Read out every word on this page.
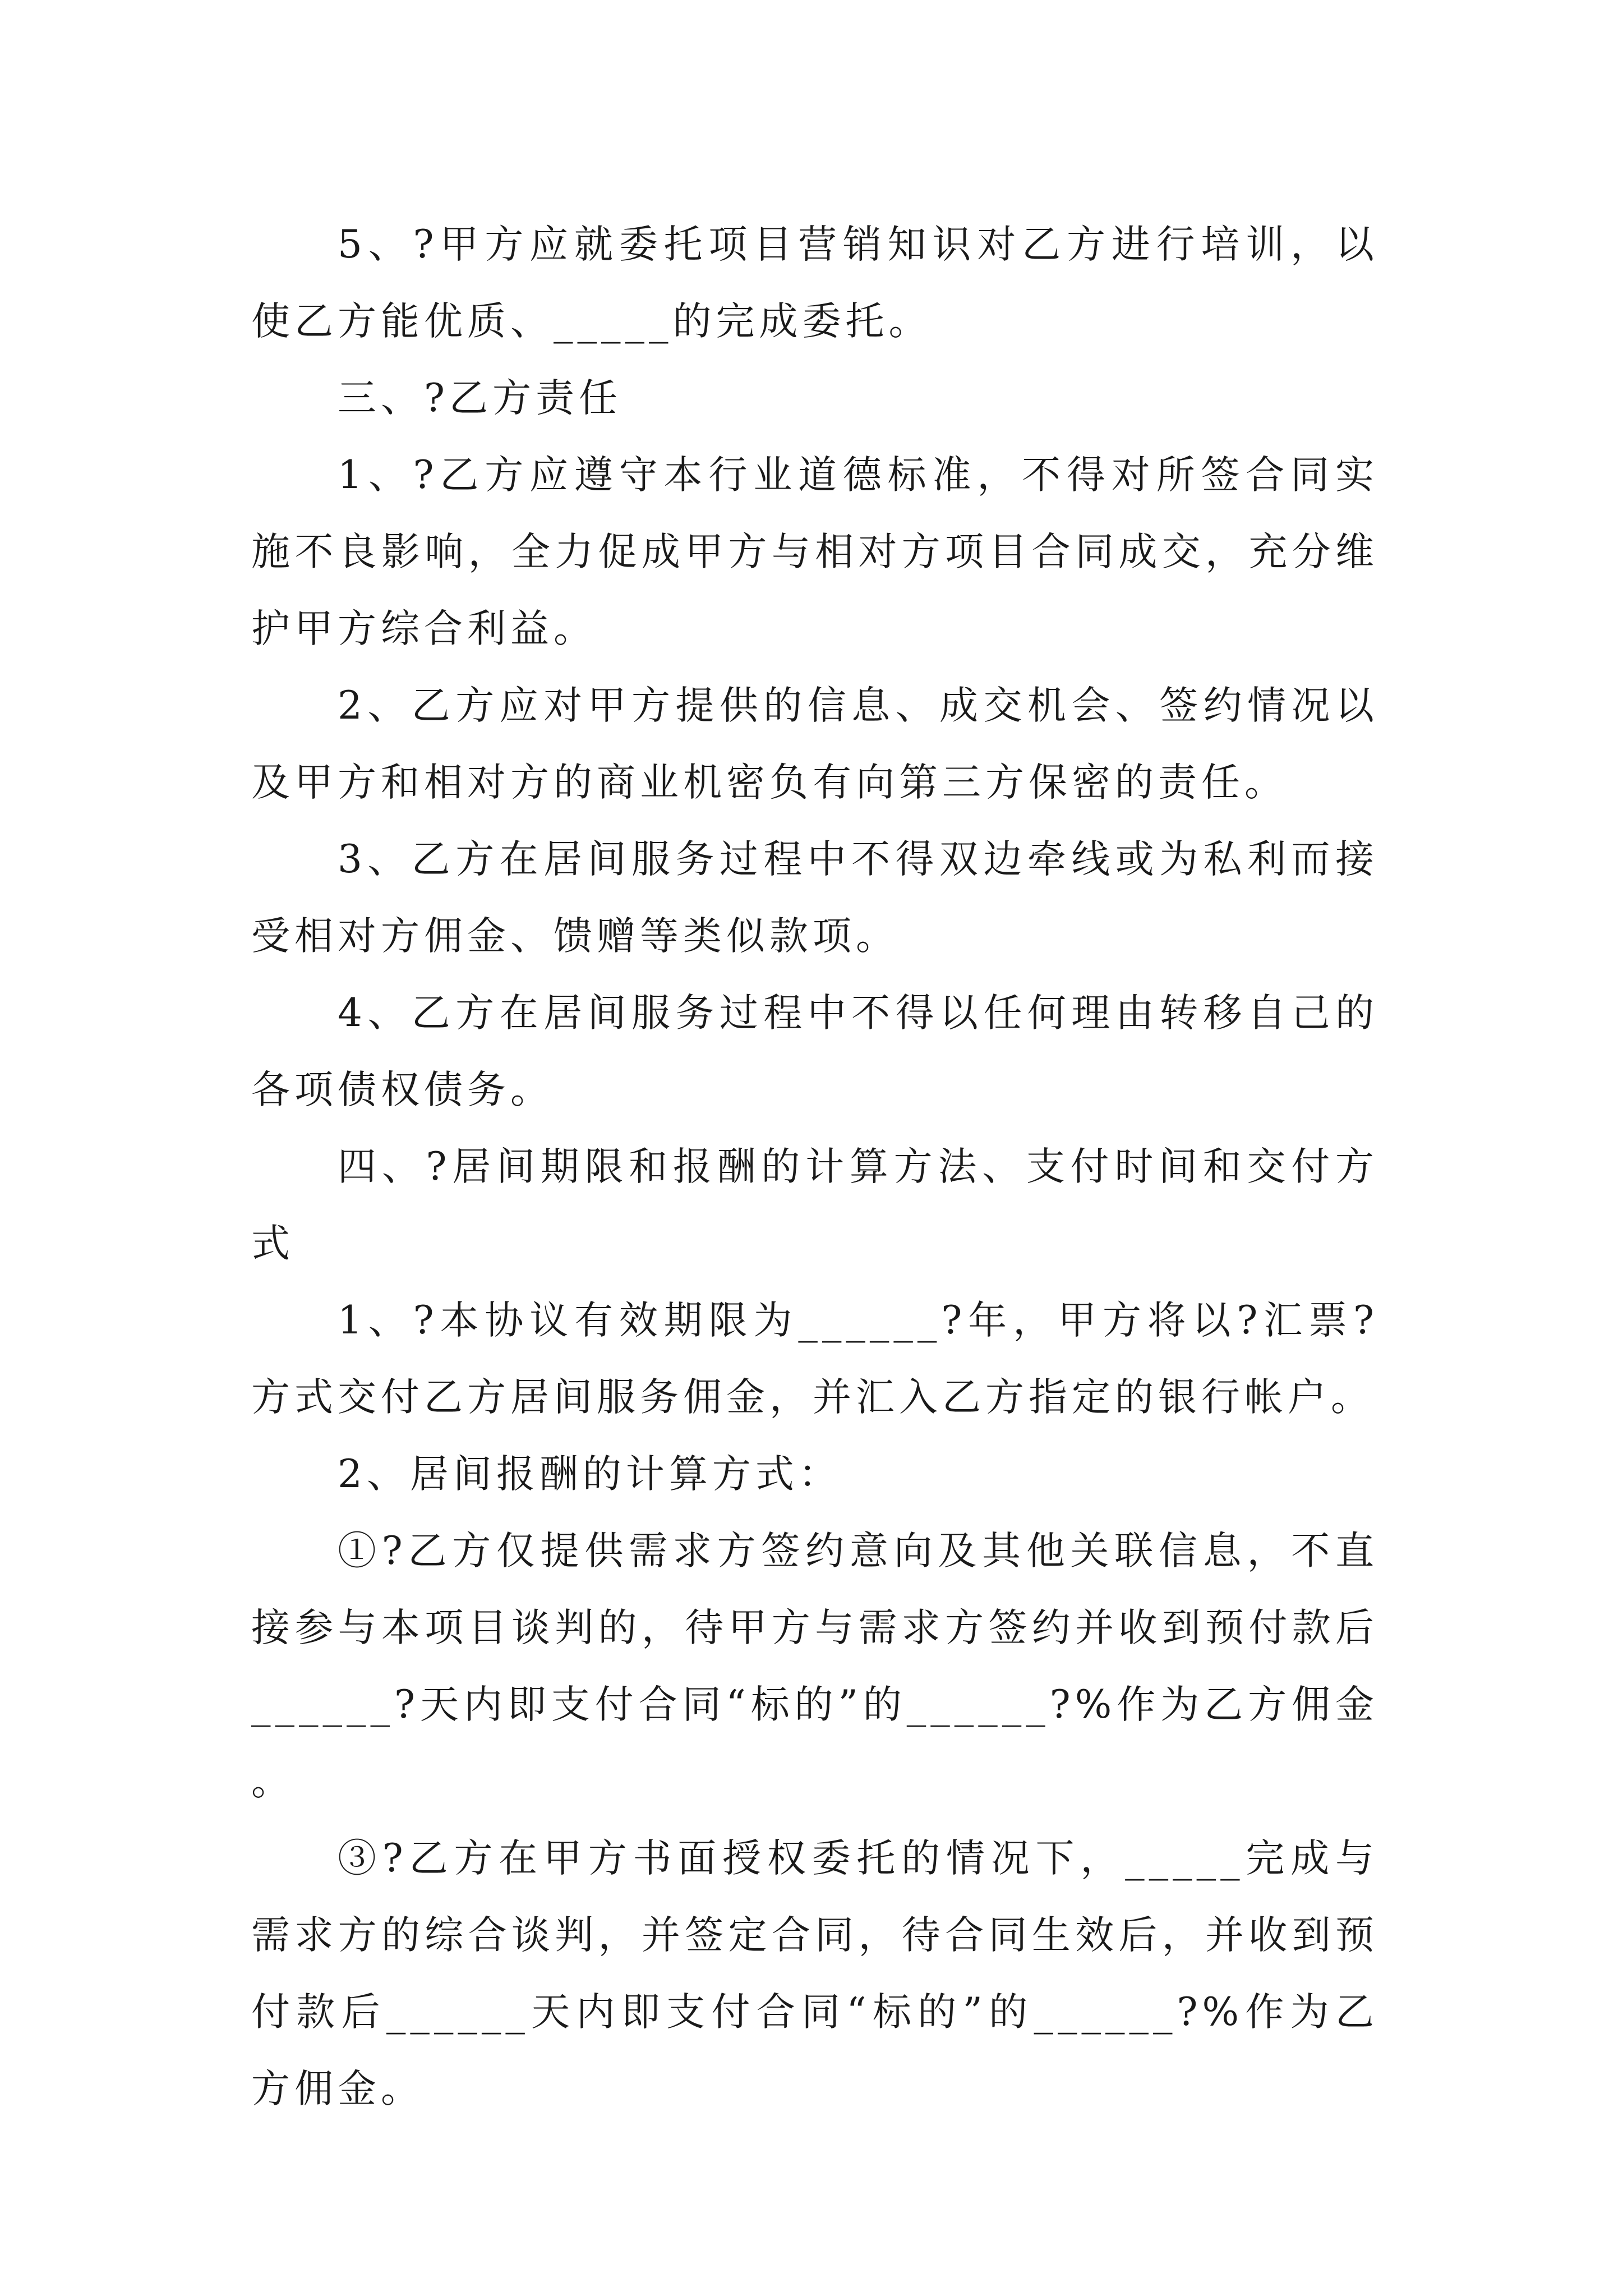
5、?甲方应就委托项目营销知识对乙方进行培训，以使乙方能优质、_____的完成委托。

三、?乙方责任

1、?乙方应遵守本行业道德标准，不得对所签合同实施不良影响，全力促成甲方与相对方项目合同成交，充分维护甲方综合利益。

2、乙方应对甲方提供的信息、成交机会、签约情况以及甲方和相对方的商业机密负有向第三方保密的责任。

3、乙方在居间服务过程中不得双边牵线或为私利而接受相对方佣金、馈赠等类似款项。

4、乙方在居间服务过程中不得以任何理由转移自己的各项债权债务。

四、?居间期限和报酬的计算方法、支付时间和交付方式

1、?本协议有效期限为______?年，甲方将以?汇票?方式交付乙方居间服务佣金，并汇入乙方指定的银行帐户。

2、居间报酬的计算方式：

①?乙方仅提供需求方签约意向及其他关联信息，不直接参与本项目谈判的，待甲方与需求方签约并收到预付款后______?天内即支付合同“标的”的______?%作为乙方佣金。

③?乙方在甲方书面授权委托的情况下，_____完成与需求方的综合谈判，并签定合同，待合同生效后，并收到预付款后______天内即支付合同“标的”的______?%作为乙方佣金。
